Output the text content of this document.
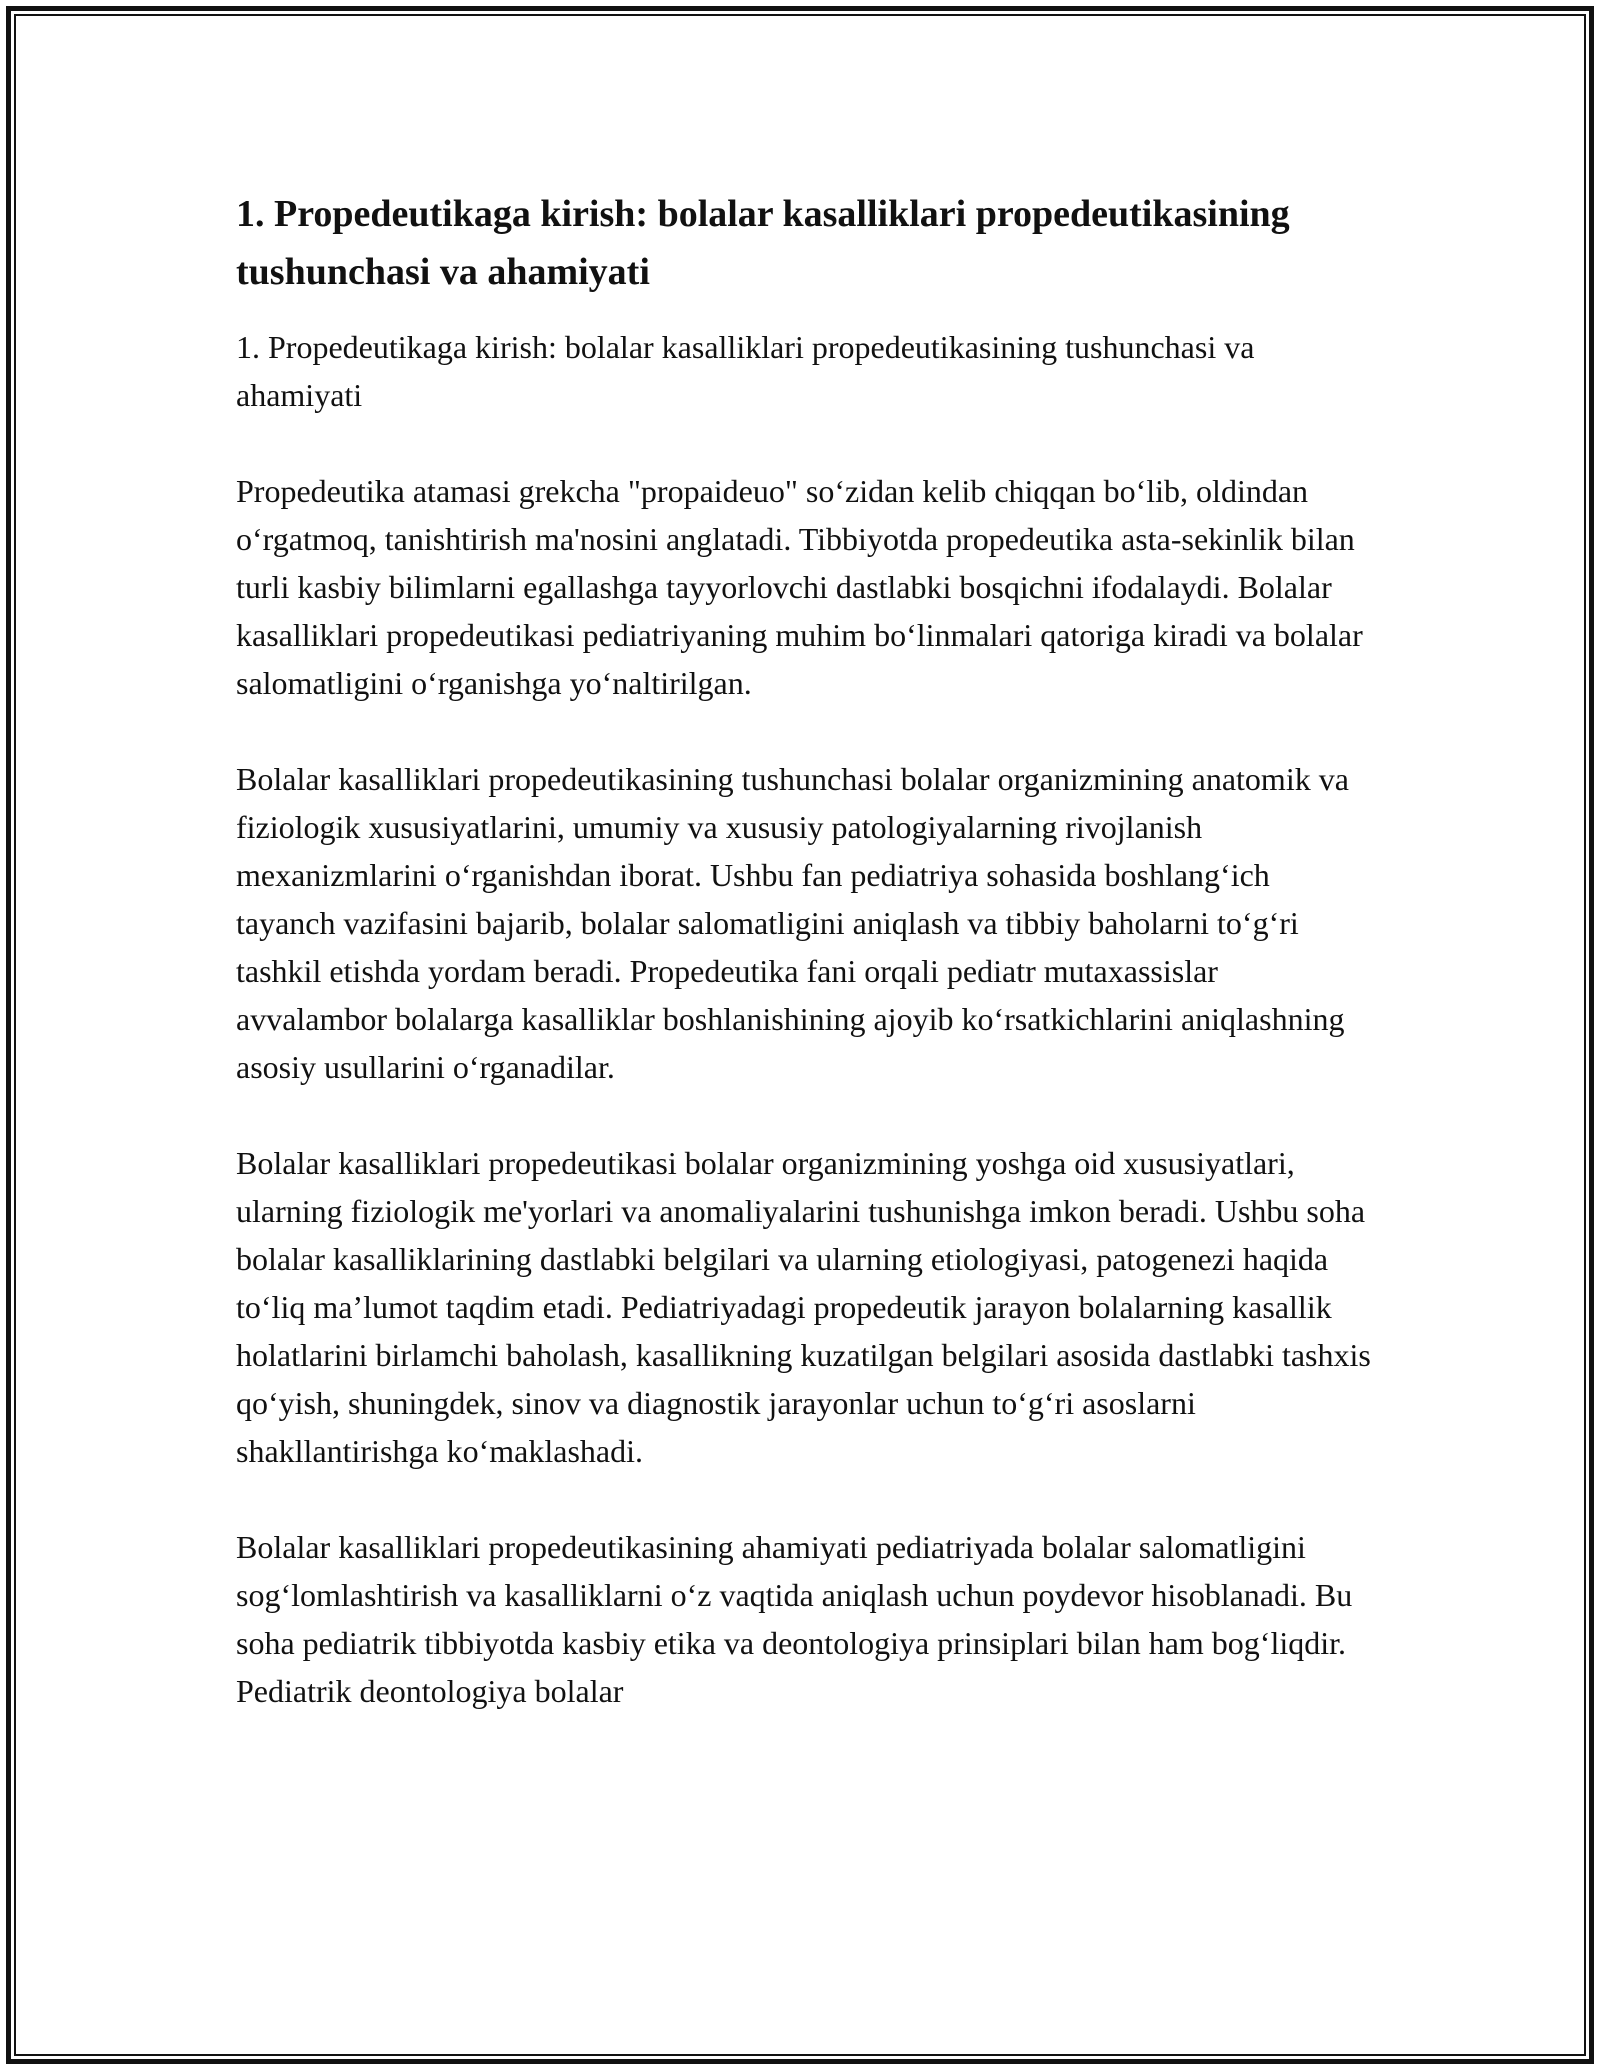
1. Propedeutikaga kirish: bolalar kasalliklari propedeutikasining tushunchasi va ahamiyati

1. Propedeutikaga kirish: bolalar kasalliklari propedeutikasining tushunchasi va ahamiyati

Propedeutika atamasi grekcha "propaideuo" so‘zidan kelib chiqqan bo‘lib, oldindan o‘rgatmoq, tanishtirish ma'nosini anglatadi. Tibbiyotda propedeutika asta-sekinlik bilan turli kasbiy bilimlarni egallashga tayyorlovchi dastlabki bosqichni ifodalaydi. Bolalar kasalliklari propedeutikasi pediatriyaning muhim bo‘linmalari qatoriga kiradi va bolalar salomatligini o‘rganishga yo‘naltirilgan.

Bolalar kasalliklari propedeutikasining tushunchasi bolalar organizmining anatomik va fiziologik xususiyatlarini, umumiy va xususiy patologiyalarning rivojlanish mexanizmlarini o‘rganishdan iborat. Ushbu fan pediatriya sohasida boshlang‘ich tayanch vazifasini bajarib, bolalar salomatligini aniqlash va tibbiy baholarni to‘g‘ri tashkil etishda yordam beradi. Propedeutika fani orqali pediatr mutaxassislar avvalambor bolalarga kasalliklar boshlanishining ajoyib ko‘rsatkichlarini aniqlashning asosiy usullarini o‘rganadilar.

Bolalar kasalliklari propedeutikasi bolalar organizmining yoshga oid xususiyatlari, ularning fiziologik me'yorlari va anomaliyalarini tushunishga imkon beradi. Ushbu soha bolalar kasalliklarining dastlabki belgilari va ularning etiologiyasi, patogenezi haqida to‘liq ma’lumot taqdim etadi. Pediatriyadagi propedeutik jarayon bolalarning kasallik holatlarini birlamchi baholash, kasallikning kuzatilgan belgilari asosida dastlabki tashxis qo‘yish, shuningdek, sinov va diagnostik jarayonlar uchun to‘g‘ri asoslarni shakllantirishga ko‘maklashadi.

Bolalar kasalliklari propedeutikasining ahamiyati pediatriyada bolalar salomatligini sog‘lomlashtirish va kasalliklarni o‘z vaqtida aniqlash uchun poydevor hisoblanadi. Bu soha pediatrik tibbiyotda kasbiy etika va deontologiya prinsiplari bilan ham bog‘liqdir. Pediatrik deontologiya bolalar
